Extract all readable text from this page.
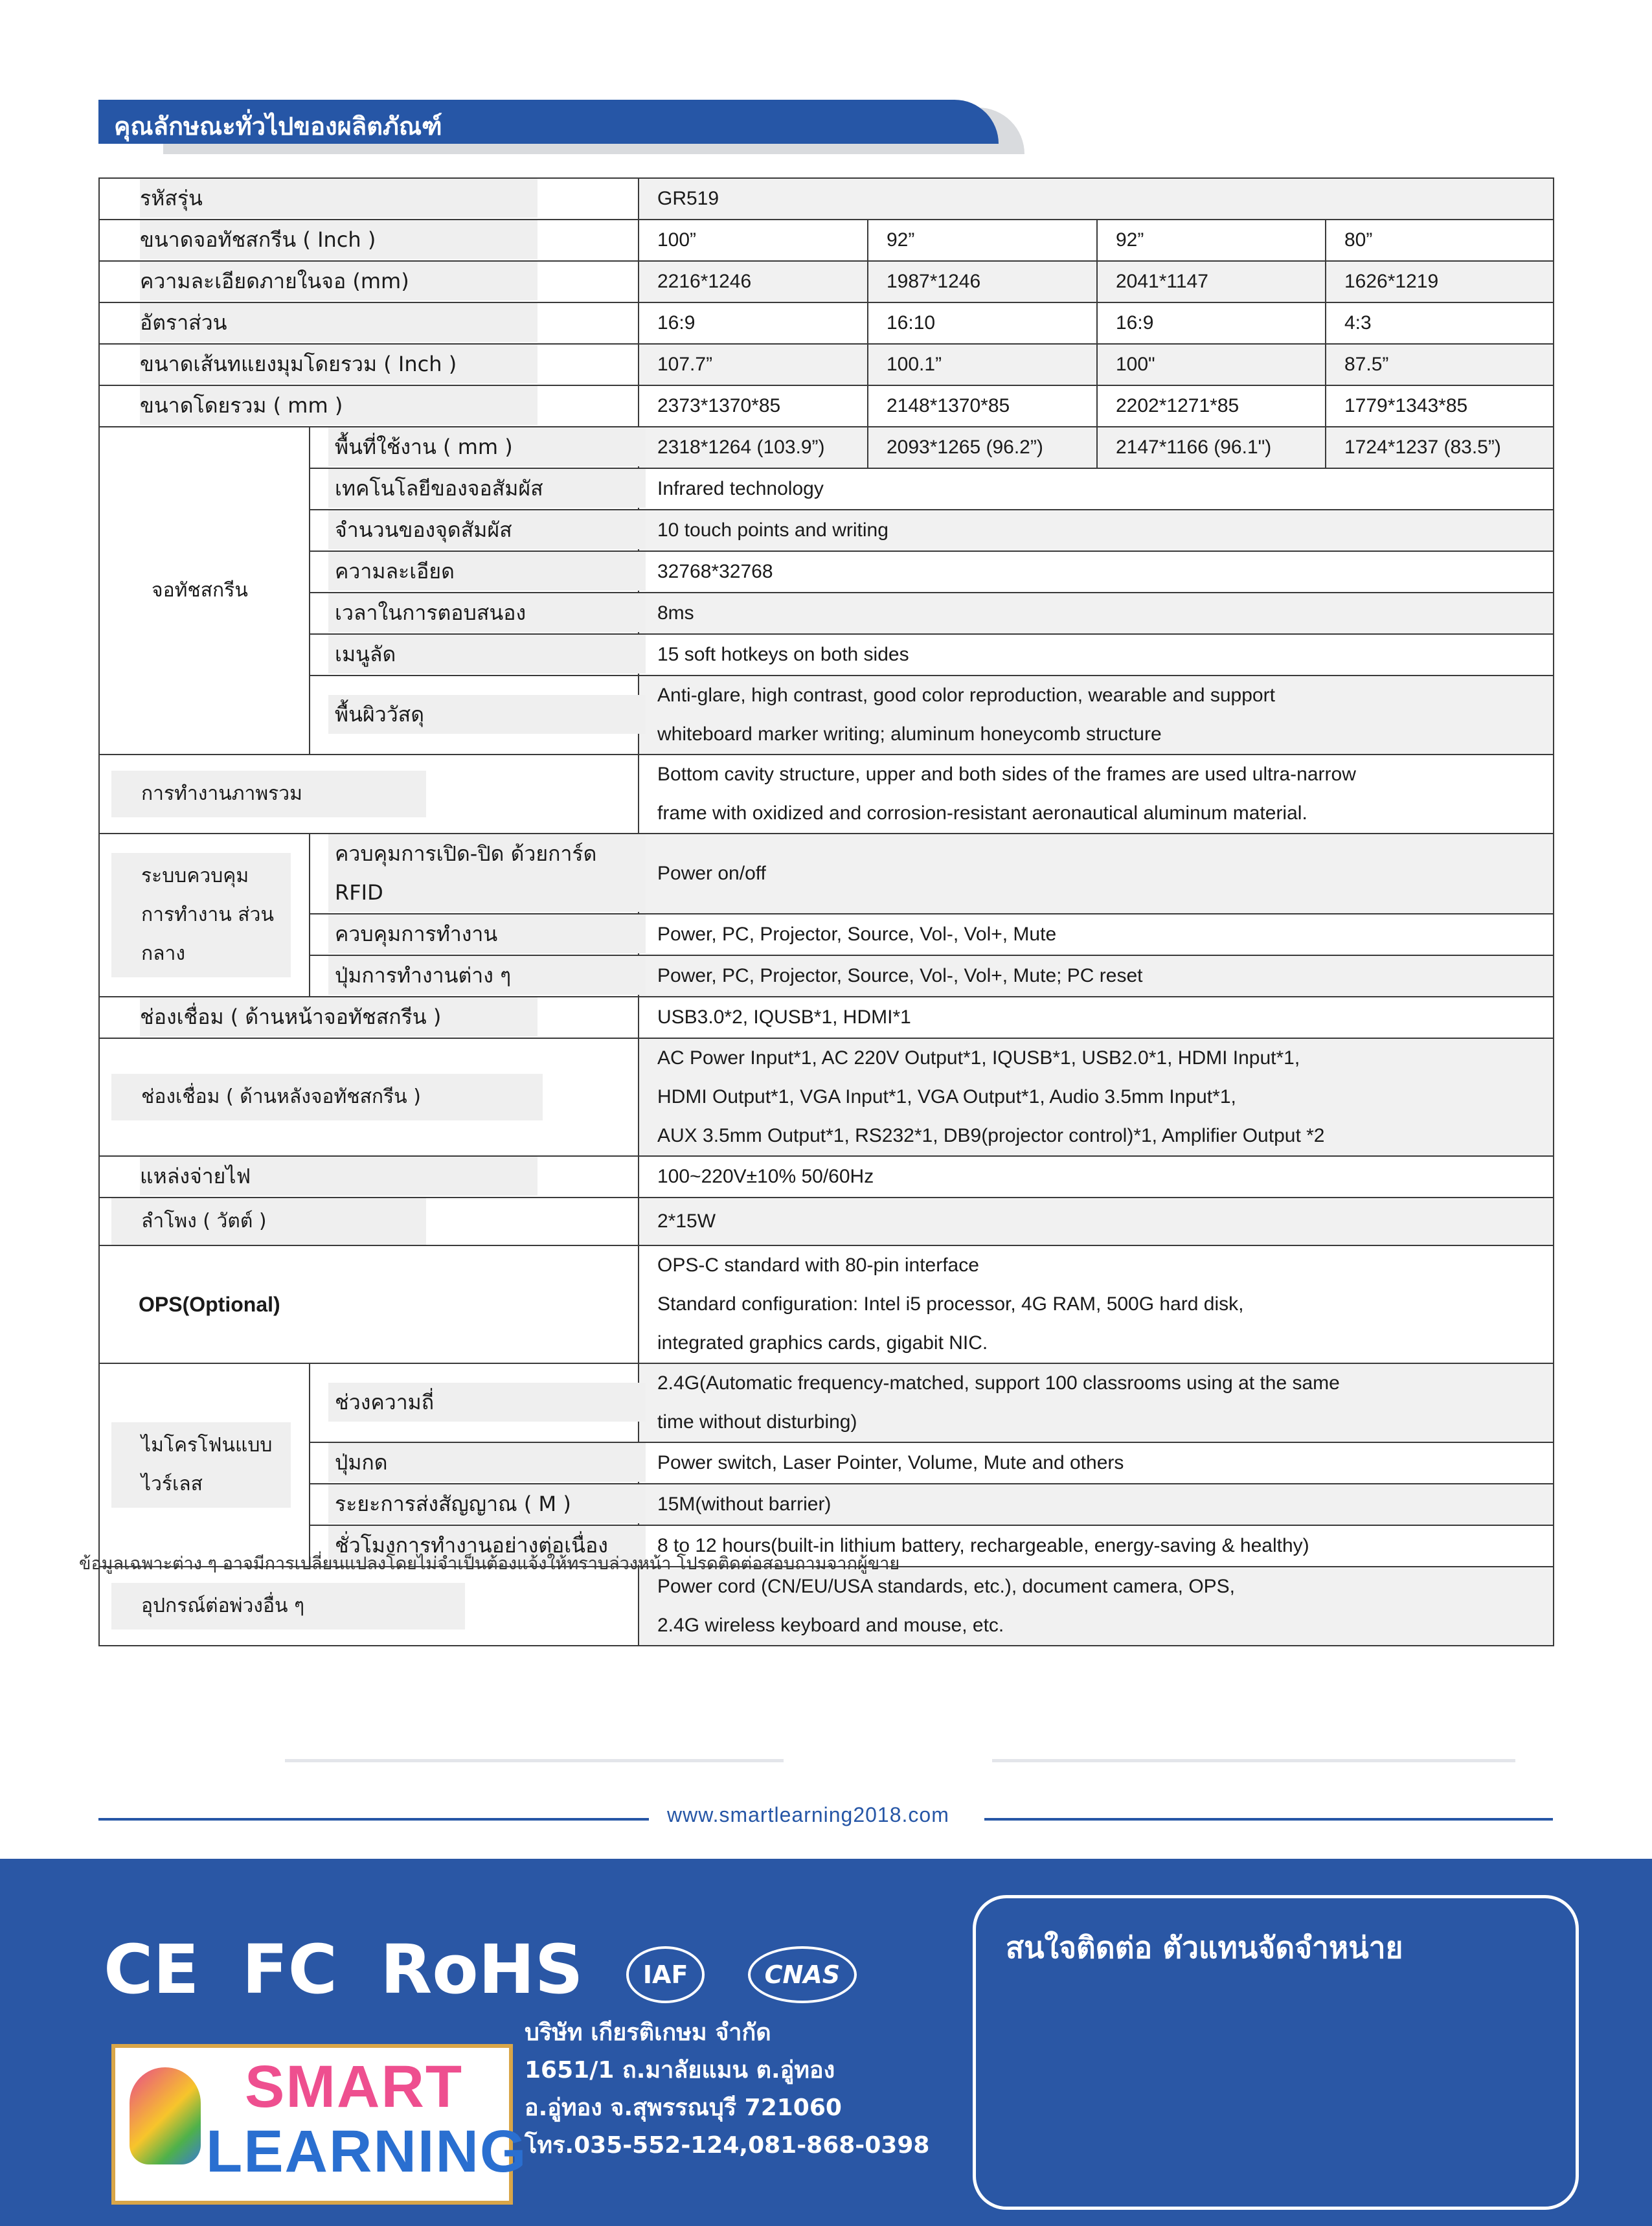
คุณลักษณะทั่วไปของผลิตภัณฑ์
รหัสรุ่น		GR519			
ขนาดจอทัชสกรีน ( Inch )		100”	92”	92”	80”
ความละเอียดภายในจอ (mm)		2216*1246	1987*1246	2041*1147	1626*1219
อัตราส่วน		16:9	16:10	16:9	4:3
ขนาดเส้นทแยงมุมโดยรวม ( Inch )		107.7”	100.1”	100"	87.5”
ขนาดโดยรวม ( mm )		2373*1370*85	2148*1370*85	2202*1271*85	1779*1343*85
จอทัชสกรีน	พื้นที่ใช้งาน ( mm )	2318*1264 (103.9”)	2093*1265 (96.2”)	2147*1166 (96.1")	1724*1237 (83.5”)
	เทคโนโลยีของจอสัมผัส	Infrared technology			
	จำนวนของจุดสัมผัส	10 touch points and writing			
	ความละเอียด	32768*32768			
	เวลาในการตอบสนอง	8ms			
	เมนูลัด	15 soft hotkeys on both sides			
	พื้นผิววัสดุ	Anti-glare, high contrast, good color reproduction, wearable and support
whiteboard marker writing; aluminum honeycomb structure			

การทำงานภาพรวม		Bottom cavity structure, upper and both sides of the frames are used ultra-narrow
frame with oxidized and corrosion-resistant aeronautical aluminum material.			

ระบบควบคุม การทำงาน ส่วนกลาง	ควบคุมการเปิด-ปิด ด้วยการ์ด RFID	Power on/off			
	ควบคุมการทำงาน	Power, PC, Projector, Source, Vol-, Vol+, Mute			
	ปุ่มการทำงานต่าง ๆ	Power, PC, Projector, Source, Vol-, Vol+, Mute; PC reset			
ช่องเชื่อม ( ด้านหน้าจอทัชสกรีน )		USB3.0*2, IQUSB*1, HDMI*1			
ช่องเชื่อม ( ด้านหลังจอทัชสกรีน )		AC Power Input*1, AC 220V Output*1, IQUSB*1, USB2.0*1, HDMI Input*1,
HDMI Output*1, VGA Input*1, VGA Output*1, Audio 3.5mm Input*1,
AUX 3.5mm Output*1, RS232*1, DB9(projector control)*1, Amplifier Output *2			

แหล่งจ่ายไฟ		100~220V±10% 50/60Hz			
ลำโพง ( วัตต์ )		2*15W			
OPS(Optional)		OPS-C standard with 80-pin interface
Standard configuration: Intel i5 processor, 4G RAM, 500G hard disk,
integrated graphics cards, gigabit NIC.			

ไมโครโฟนแบบ ไวร์เลส	ช่วงความถี่	2.4G(Automatic frequency-matched, support 100 classrooms using at the same
time without disturbing)			

	ปุ่มกด	Power switch, Laser Pointer, Volume, Mute and others			
	ระยะการส่งสัญญาณ ( M )	15M(without barrier)			
	ชั่วโมงการทำงานอย่างต่อเนื่อง	8 to 12 hours(built-in lithium battery, rechargeable, energy-saving & healthy)			
อุปกรณ์ต่อพ่วงอื่น ๆ		Power cord (CN/EU/USA standards, etc.), document camera, OPS,
2.4G wireless keyboard and mouse, etc.			
ข้อมูลเฉพาะต่าง ๆ อาจมีการเปลี่ยนแปลงโดยไม่จำเป็นต้องแจ้งให้ทราบล่วงหน้า โปรดติดต่อสอบถามจากผู้ขาย
www.smartlearning2018.com
CE FC RoHS IAF	CNAS
SMART
LEARNING
บริษัท เกียรติเกษม จำกัด
1651/1 ถ.มาลัยแมน ต.อู่ทอง
อ.อู่ทอง จ.สุพรรณบุรี 721060
โทร.035-552-124,081-868-0398
สนใจติดต่อ ตัวแทนจัดจำหน่าย
